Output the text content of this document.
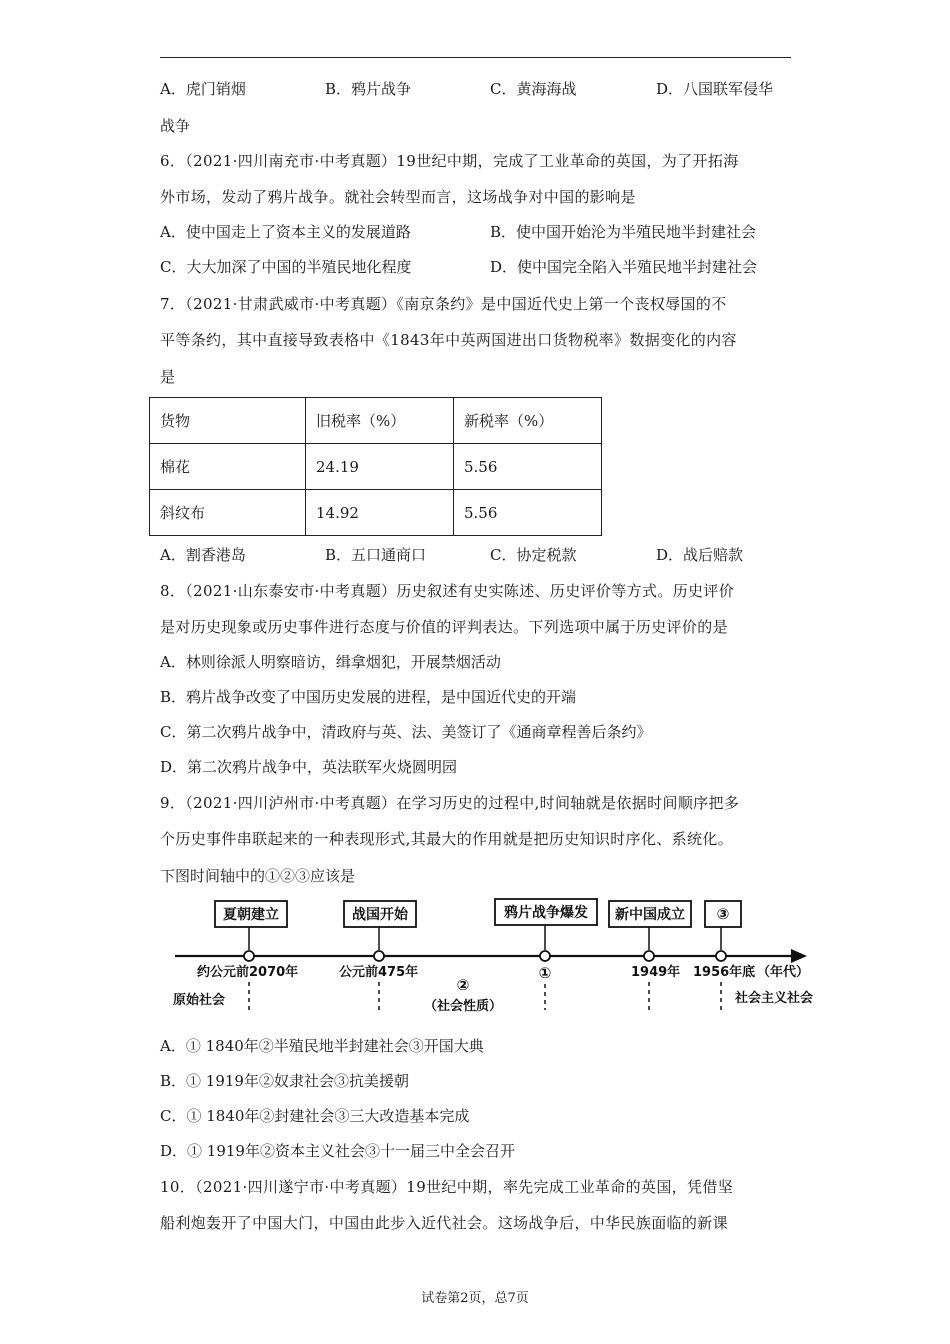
A．虎门销烟	B．鸦片战争	C．黄海海战	D．八国联军侵华
战争
6．（2021·四川南充市·中考真题）19世纪中期，完成了工业革命的英国，为了开拓海
外市场，发动了鸦片战争。就社会转型而言，这场战争对中国的影响是
A．使中国走上了资本主义的发展道路	B．使中国开始沦为半殖民地半封建社会
C．大大加深了中国的半殖民地化程度	D．使中国完全陷入半殖民地半封建社会
7．（2021·甘肃武威市·中考真题）《南京条约》是中国近代史上第一个丧权辱国的不
平等条约，其中直接导致表格中《1843年中英两国进出口货物税率》数据变化的内容
是
货物	旧税率（%）	新税率（%）
棉花	24.19	5.56
斜纹布	14.92	5.56
A．割香港岛	B．五口通商口	C．协定税款	D．战后赔款
8．（2021·山东泰安市·中考真题）历史叙述有史实陈述、历史评价等方式。历史评价
是对历史现象或历史事件进行态度与价值的评判表达。下列选项中属于历史评价的是
A．林则徐派人明察暗访，缉拿烟犯，开展禁烟活动
B．鸦片战争改变了中国历史发展的进程，是中国近代史的开端
C．第二次鸦片战争中，清政府与英、法、美签订了《通商章程善后条约》
D．第二次鸦片战争中，英法联军火烧圆明园
9．（2021·四川泸州市·中考真题）在学习历史的过程中,时间轴就是依据时间顺序把多
个历史事件串联起来的一种表现形式,其最大的作用就是把历史知识时序化、系统化。
下图时间轴中的①②③应该是
夏朝建立	战国开始	鸦片战争爆发 新中国成立 ③
约公元前2070年	公元前475年	①	1949年 1956年底 （年代）
原始社会
②
（社会性质）
社会主义社会
A．① 1840年②半殖民地半封建社会③开国大典
B．① 1919年②奴隶社会③抗美援朝
C．① 1840年②封建社会③三大改造基本完成
D．① 1919年②资本主义社会③十一届三中全会召开
10．（2021·四川遂宁市·中考真题）19世纪中期，率先完成工业革命的英国，凭借坚
船利炮轰开了中国大门，中国由此步入近代社会。这场战争后，中华民族面临的新课
试卷第2页，总7页
